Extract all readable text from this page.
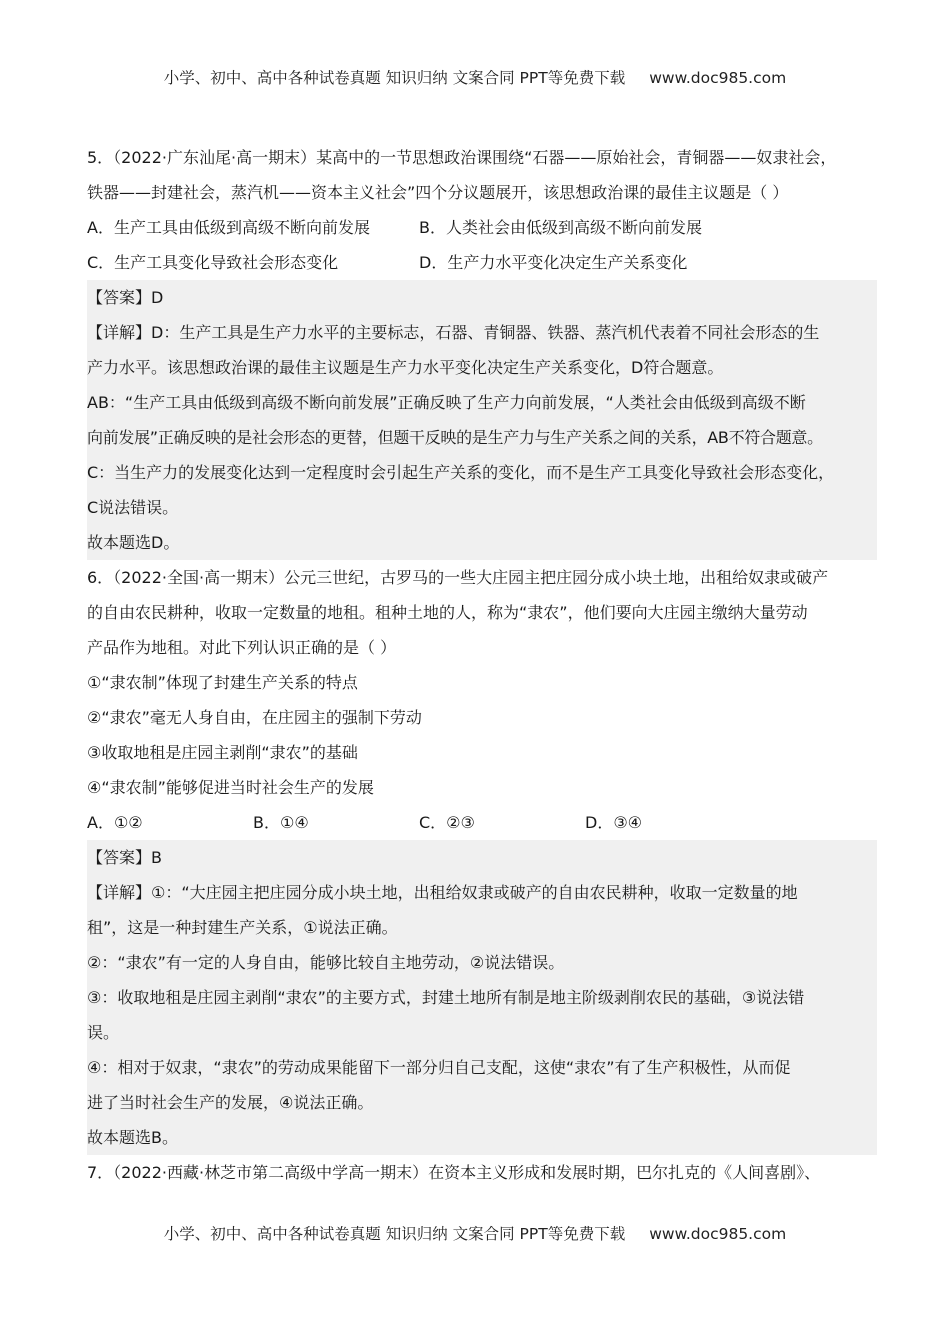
小学、初中、高中各种试卷真题 知识归纳 文案合同 PPT等免费下载 www.doc985.com
5．（2022·广东汕尾·高一期末）某高中的一节思想政治课围绕“石器——原始社会，青铜器——奴隶社会，
铁器——封建社会，蒸汽机——资本主义社会”四个分议题展开，该思想政治课的最佳主议题是（ ）
A．生产工具由低级到高级不断向前发展	B．人类社会由低级到高级不断向前发展
C．生产工具变化导致社会形态变化	D．生产力水平变化决定生产关系变化
【答案】D
【详解】D：生产工具是生产力水平的主要标志，石器、青铜器、铁器、蒸汽机代表着不同社会形态的生
产力水平。该思想政治课的最佳主议题是生产力水平变化决定生产关系变化，D符合题意。
AB：“生产工具由低级到高级不断向前发展”正确反映了生产力向前发展，“人类社会由低级到高级不断
向前发展”正确反映的是社会形态的更替，但题干反映的是生产力与生产关系之间的关系，AB不符合题意。
C：当生产力的发展变化达到一定程度时会引起生产关系的变化，而不是生产工具变化导致社会形态变化，
C说法错误。
故本题选D。
6．（2022·全国·高一期末）公元三世纪，古罗马的一些大庄园主把庄园分成小块土地，出租给奴隶或破产
的自由农民耕种，收取一定数量的地租。租种土地的人，称为“隶农”，他们要向大庄园主缴纳大量劳动
产品作为地租。对此下列认识正确的是（ ）
①“隶农制”体现了封建生产关系的特点
②“隶农”毫无人身自由，在庄园主的强制下劳动
③收取地租是庄园主剥削“隶农”的基础
④“隶农制”能够促进当时社会生产的发展
A．①②	B．①④	C．②③	D．③④
【答案】B
【详解】①：“大庄园主把庄园分成小块土地，出租给奴隶或破产的自由农民耕种，收取一定数量的地
租”，这是一种封建生产关系，①说法正确。
②：“隶农”有一定的人身自由，能够比较自主地劳动，②说法错误。
③：收取地租是庄园主剥削“隶农”的主要方式，封建土地所有制是地主阶级剥削农民的基础，③说法错
误。
④：相对于奴隶，“隶农”的劳动成果能留下一部分归自己支配，这使“隶农”有了生产积极性，从而促
进了当时社会生产的发展，④说法正确。
故本题选B。
7．（2022·西藏·林芝市第二高级中学高一期末）在资本主义形成和发展时期，巴尔扎克的《人间喜剧》、
小学、初中、高中各种试卷真题 知识归纳 文案合同 PPT等免费下载 www.doc985.com
